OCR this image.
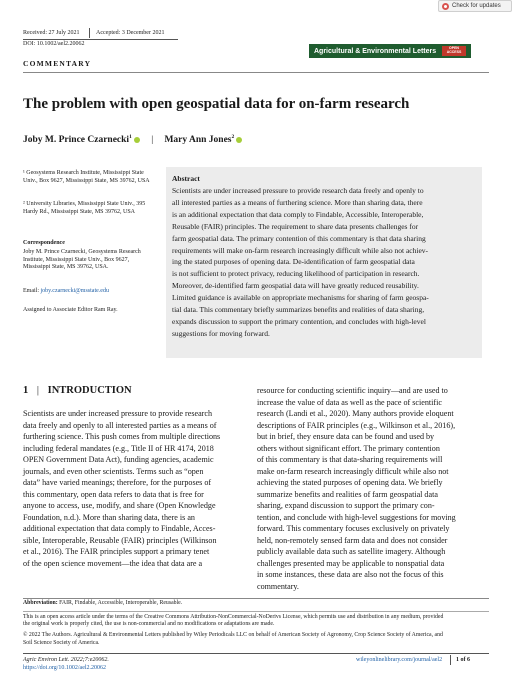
Check for updates
Received: 27 July 2021	Accepted: 3 December 2021
DOI: 10.1002/ael2.20062
COMMENTARY
Agricultural & Environmental Letters	OPEN ACCESS
The problem with open geospatial data for on-farm research
Joby M. Prince Czarnecki$^1$ | Mary Ann Jones$^2$
¹ Geosystems Research Institute, Mississippi State Univ., Box 9627, Mississippi State, MS 39762, USA
² University Libraries, Mississippi State Univ., 395 Hardy Rd., Mississippi State, MS 39762, USA
Correspondence
Joby M. Prince Czarnecki, Geosystems Research Institute, Mississippi State Univ., Box 9627, Mississippi State, MS 39762, USA.
Email: joby.czarnecki@msstate.edu
Assigned to Associate Editor Ram Ray.
Abstract
Scientists are under increased pressure to provide research data freely and openly to
all interested parties as a means of furthering science. More than sharing data, there
is an additional expectation that data comply to Findable, Accessible, Interoperable,
Reusable (FAIR) principles. The requirement to share data presents challenges for
farm geospatial data. The primary contention of this commentary is that data sharing
requirements will make on-farm research increasingly difficult while also not achiev-
ing the stated purposes of opening data. De-identification of farm geospatial data
is not sufficient to protect privacy, reducing likelihood of participation in research.
Moreover, de-identified farm geospatial data will have greatly reduced reusability.
Limited guidance is available on appropriate mechanisms for sharing of farm geospa-
tial data. This commentary briefly summarizes benefits and realities of data sharing,
expands discussion to support the primary contention, and concludes with high-level
suggestions for moving forward.
1 | INTRODUCTION
Scientists are under increased pressure to provide research
data freely and openly to all interested parties as a means of
furthering science. This push comes from multiple directions
including federal mandates (e.g., Title II of HR 4174, 2018
OPEN Government Data Act), funding agencies, academic
journals, and even other scientists. Terms such as “open
data” have varied meanings; therefore, for the purposes of
this commentary, open data refers to data that is free for
anyone to access, use, modify, and share (Open Knowledge
Foundation, n.d.). More than sharing data, there is an
additional expectation that data comply to Findable, Acces-
sible, Interoperable, Reusable (FAIR) principles (Wilkinson
et al., 2016). The FAIR principles support a primary tenet
of the open science movement—the idea that data are a
resource for conducting scientific inquiry—and are used to
increase the value of data as well as the pace of scientific
research (Landi et al., 2020). Many authors provide eloquent
descriptions of FAIR principles (e.g., Wilkinson et al., 2016),
but in brief, they ensure data can be found and used by
others without significant effort. The primary contention
of this commentary is that data-sharing requirements will
make on-farm research increasingly difficult while also not
achieving the stated purposes of opening data. We briefly
summarize benefits and realities of farm geospatial data
sharing, expand discussion to support the primary con-
tention, and conclude with high-level suggestions for moving
forward. This commentary focuses exclusively on privately
held, non-remotely sensed farm data and does not consider
publicly available data such as satellite imagery. Although
challenges presented may be applicable to nonspatial data
in some instances, these data are also not the focus of this
commentary.
Abbreviation: FAIR, Findable, Accessible, Interoperable, Reusable.
This is an open access article under the terms of the Creative Commons Attribution-NonCommercial-NoDerivs License, which permits use and distribution in any medium, provided
the original work is properly cited, the use is non-commercial and no modifications or adaptations are made.
© 2022 The Authors. Agricultural & Environmental Letters published by Wiley Periodicals LLC on behalf of American Society of Agronomy, Crop Science Society of America, and
Soil Science Society of America.
Agric Environ Lett. 2022;7:e20062.
https://doi.org/10.1002/ael2.20062
wileyonlinelibrary.com/journal/ael2 1 of 6
